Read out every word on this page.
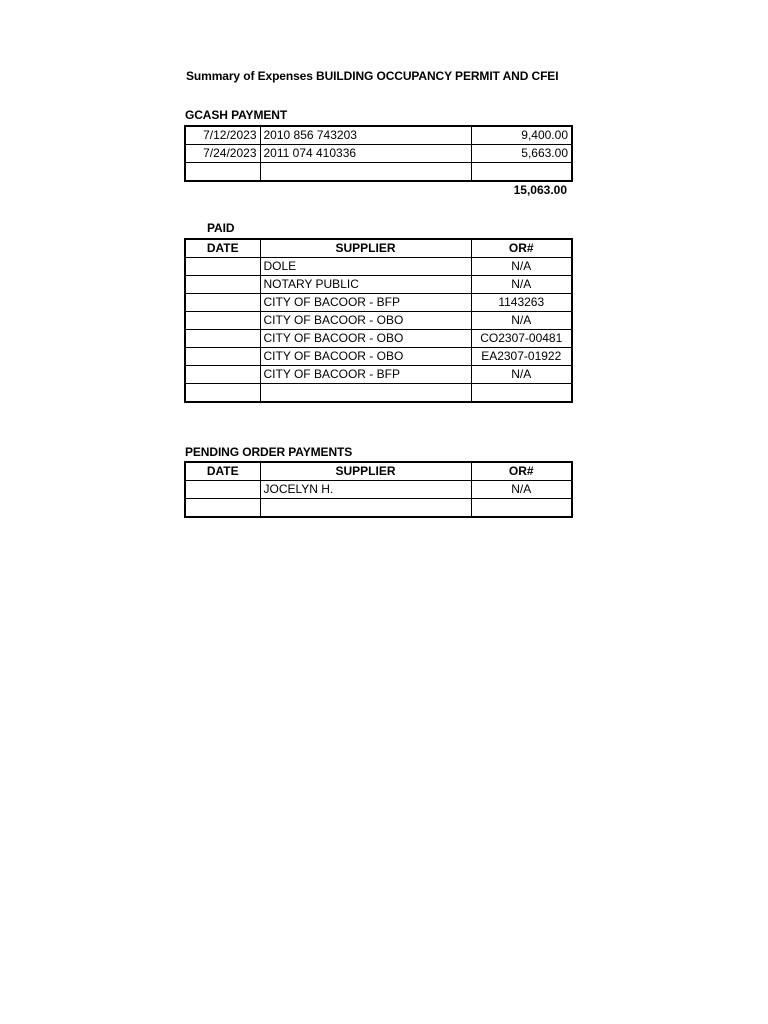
Summary of Expenses BUILDING OCCUPANCY PERMIT AND CFEI
GCASH PAYMENT
7/12/2023	2010 856 743203	9,400.00
7/24/2023	2011 074 410336	5,663.00

15,063.00
PAID
DATE	SUPPLIER	OR#
	DOLE	N/A
	NOTARY PUBLIC	N/A
	CITY OF BACOOR - BFP	1143263
	CITY OF BACOOR - OBO	N/A
	CITY OF BACOOR - OBO	CO2307-00481
	CITY OF BACOOR - OBO	EA2307-01922
	CITY OF BACOOR - BFP	N/A

PENDING ORDER PAYMENTS
DATE	SUPPLIER	OR#
	JOCELYN H.	N/A
